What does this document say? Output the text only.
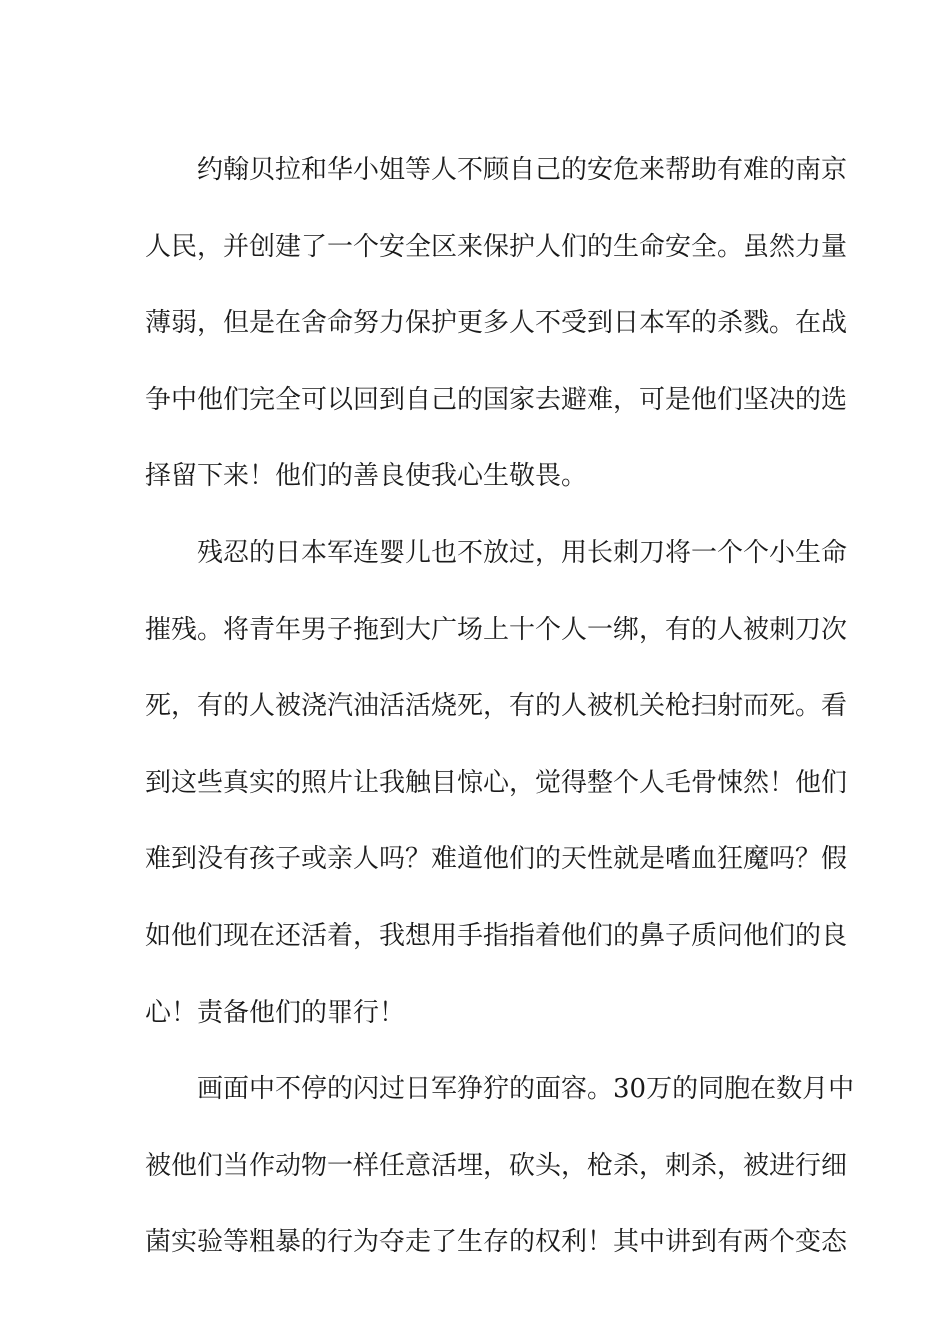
约翰贝拉和华小姐等人不顾自己的安危来帮助有难的南京
人民，并创建了一个安全区来保护人们的生命安全。虽然力量
薄弱，但是在舍命努力保护更多人不受到日本军的杀戮。在战
争中他们完全可以回到自己的国家去避难，可是他们坚决的选
择留下来！他们的善良使我心生敬畏。
残忍的日本军连婴儿也不放过，用长刺刀将一个个小生命
摧残。将青年男子拖到大广场上十个人一绑，有的人被刺刀次
死，有的人被浇汽油活活烧死，有的人被机关枪扫射而死。看
到这些真实的照片让我触目惊心，觉得整个人毛骨悚然！他们
难到没有孩子或亲人吗？难道他们的天性就是嗜血狂魔吗？假
如他们现在还活着，我想用手指指着他们的鼻子质问他们的良
心！责备他们的罪行！
画面中不停的闪过日军狰狞的面容。30万的同胞在数月中
被他们当作动物一样任意活埋，砍头，枪杀，刺杀，被进行细
菌实验等粗暴的行为夺走了生存的权利！其中讲到有两个变态
